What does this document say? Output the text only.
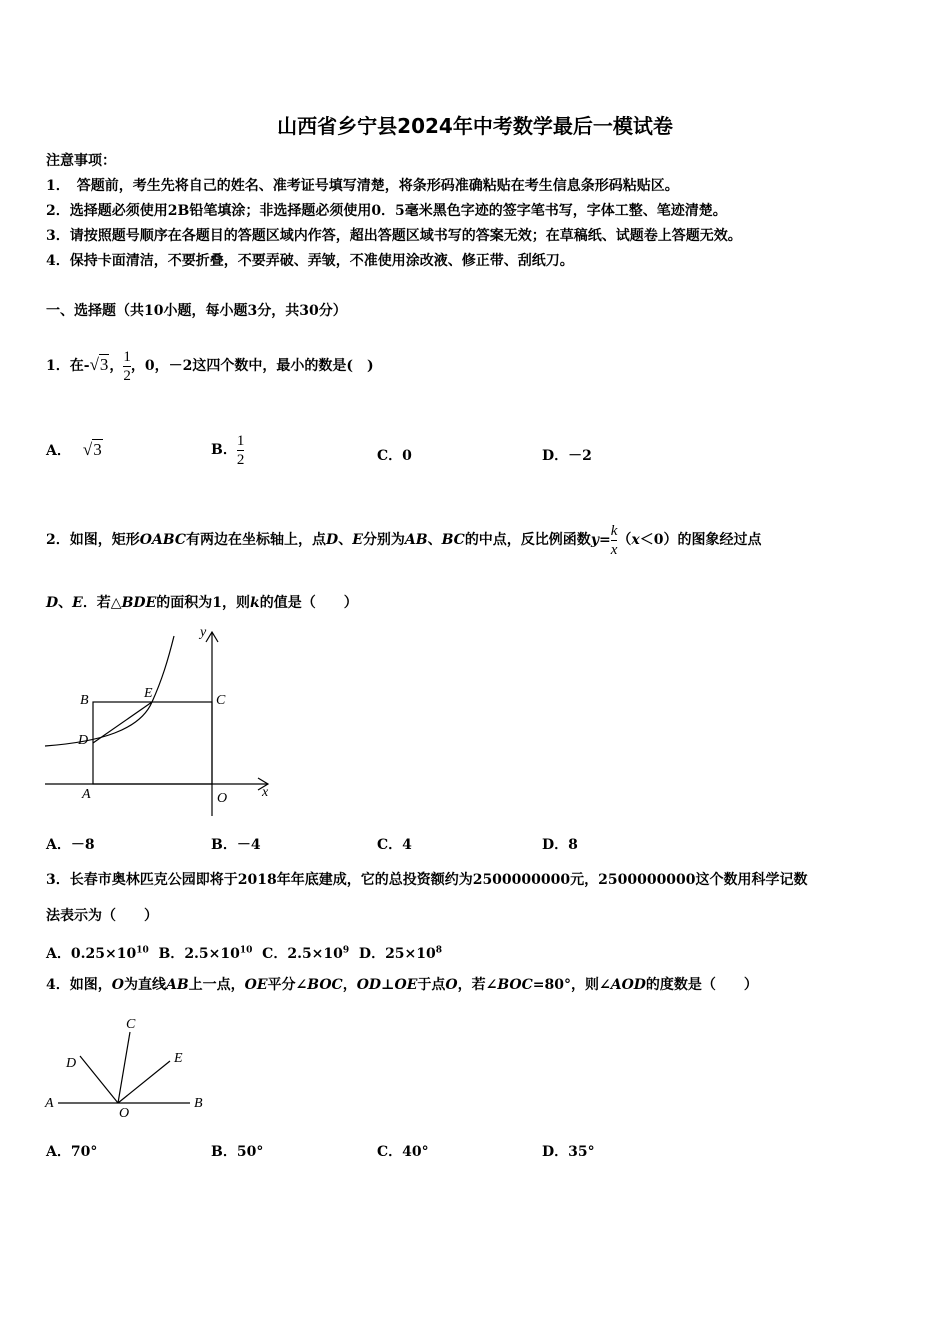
山西省乡宁县2024年中考数学最后一模试卷
注意事项：
1．　答题前，考生先将自己的姓名、准考证号填写清楚，将条形码准确粘贴在考生信息条形码粘贴区。
2．选择题必须使用2B铅笔填涂；非选择题必须使用0．5毫米黑色字迹的签字笔书写，字体工整、笔迹清楚。
3．请按照题号顺序在各题目的答题区域内作答，超出答题区域书写的答案无效；在草稿纸、试题卷上答题无效。
4．保持卡面清洁，不要折叠，不要弄破、弄皱，不准使用涂改液、修正带、刮纸刀。
一、选择题（共10小题，每小题3分，共30分）
1．在-√3， $\frac{1}{2}$ ，0，－2这四个数中，最小的数是(　)
A． √3	B． $\frac{1}{2}$	C．0	D．－2
2．如图，矩形OABC有两边在坐标轴上，点D、E分别为AB、BC的中点，反比例函数$y= \frac{k}{x} (x<0)$的图象经过点
D、E．若△BDE的面积为1，则k的值是（　　）
y
B	E	C
D
A	O x
A．－8	B．－4	C．4	D．8
3．长春市奥林匹克公园即将于2018年年底建成，它的总投资额约为2500000000元，2500000000这个数用科学记数
法表示为（　　）
A．$0.25\times 10^{10}$ B．$2.5\times 10^{10}$ C．$2.5\times 10^9$ D．$25\times 10^8$
4．如图，O为直线AB上一点，OE平分∠BOC，OD⊥OE于点O，若∠BOC=80°，则∠AOD的度数是（　　）
C
D	E
A
O
B
A．70°	B．50°	C．40°	D．35°
